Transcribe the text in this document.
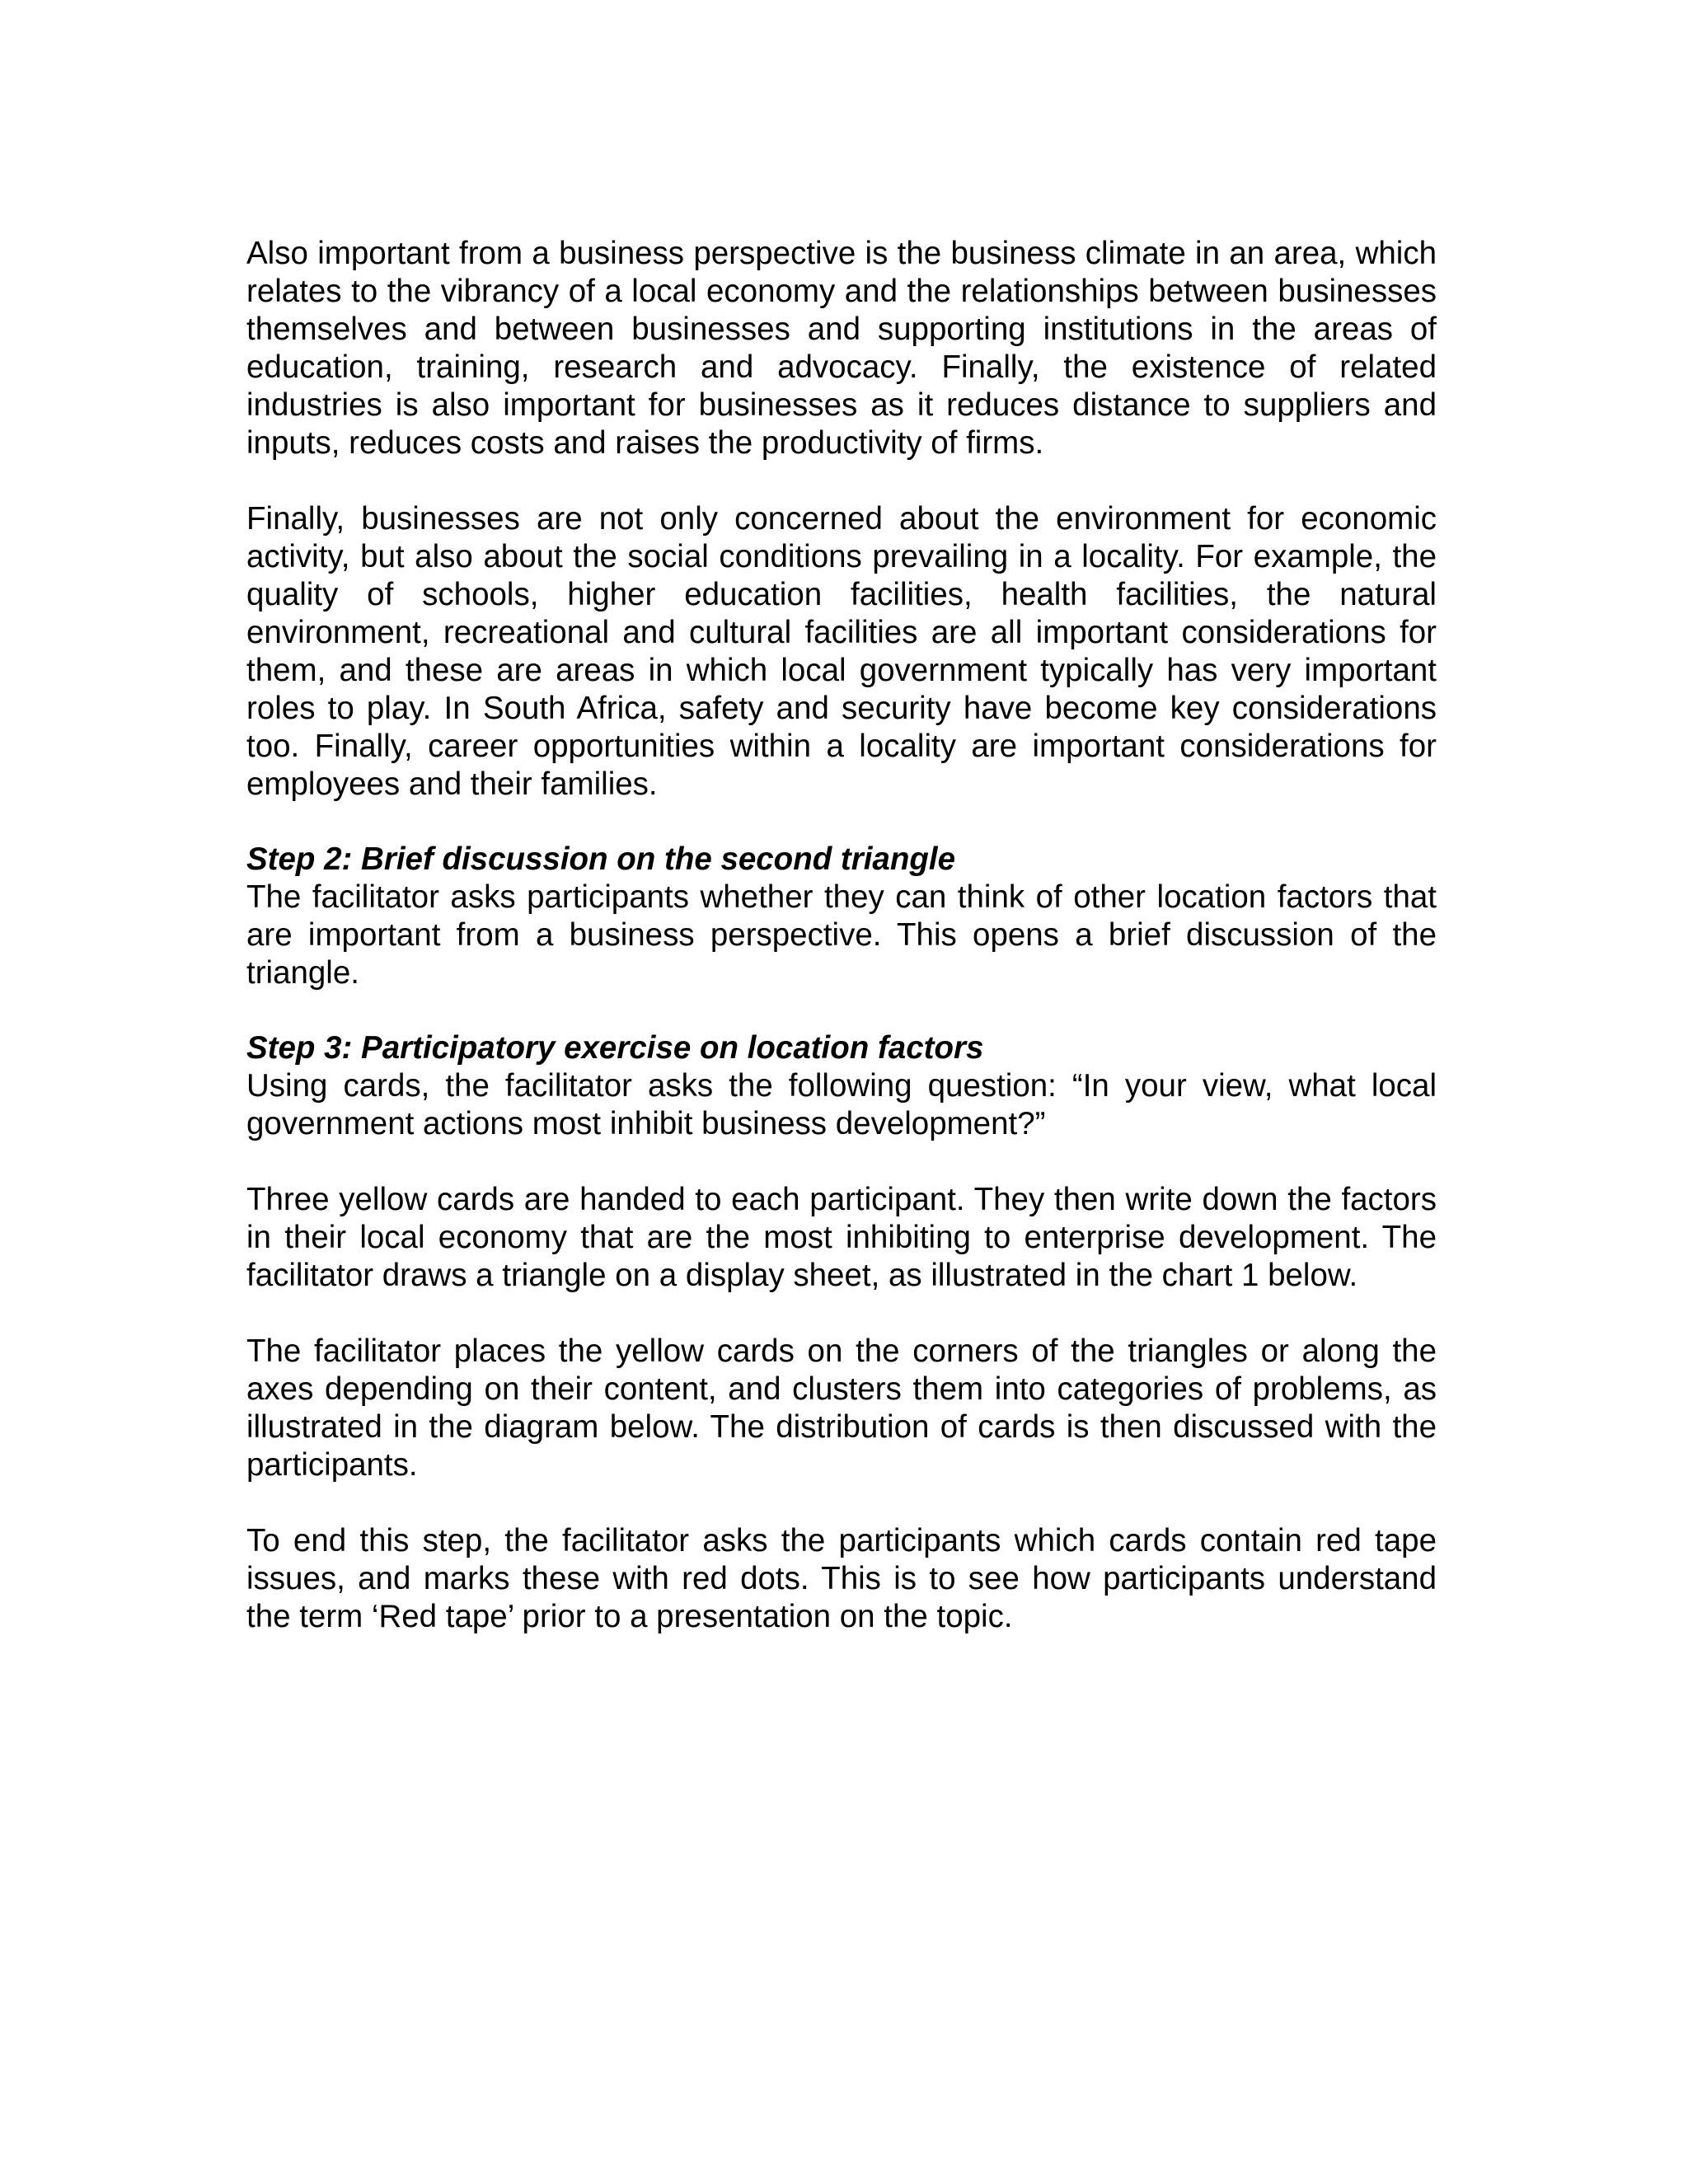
Also important from a business perspective is the business climate in an area, which relates to the vibrancy of a local economy and the relationships between businesses themselves and between businesses and supporting institutions in the areas of education, training, research and advocacy. Finally, the existence of related industries is also important for businesses as it reduces distance to suppliers and inputs, reduces costs and raises the productivity of firms.

Finally, businesses are not only concerned about the environment for economic activity, but also about the social conditions prevailing in a locality. For example, the quality of schools, higher education facilities, health facilities, the natural environment, recreational and cultural facilities are all important considerations for them, and these are areas in which local government typically has very important roles to play. In South Africa, safety and security have become key considerations too. Finally, career opportunities within a locality are important considerations for employees and their families.

Step 2: Brief discussion on the second triangle

The facilitator asks participants whether they can think of other location factors that are important from a business perspective. This opens a brief discussion of the triangle.

Step 3: Participatory exercise on location factors

Using cards, the facilitator asks the following question: “In your view, what local government actions most inhibit business development?”

Three yellow cards are handed to each participant. They then write down the factors in their local economy that are the most inhibiting to enterprise development. The facilitator draws a triangle on a display sheet, as illustrated in the chart 1 below.

The facilitator places the yellow cards on the corners of the triangles or along the axes depending on their content, and clusters them into categories of problems, as illustrated in the diagram below. The distribution of cards is then discussed with the participants.

To end this step, the facilitator asks the participants which cards contain red tape issues, and marks these with red dots. This is to see how participants understand the term ‘Red tape’ prior to a presentation on the topic.
